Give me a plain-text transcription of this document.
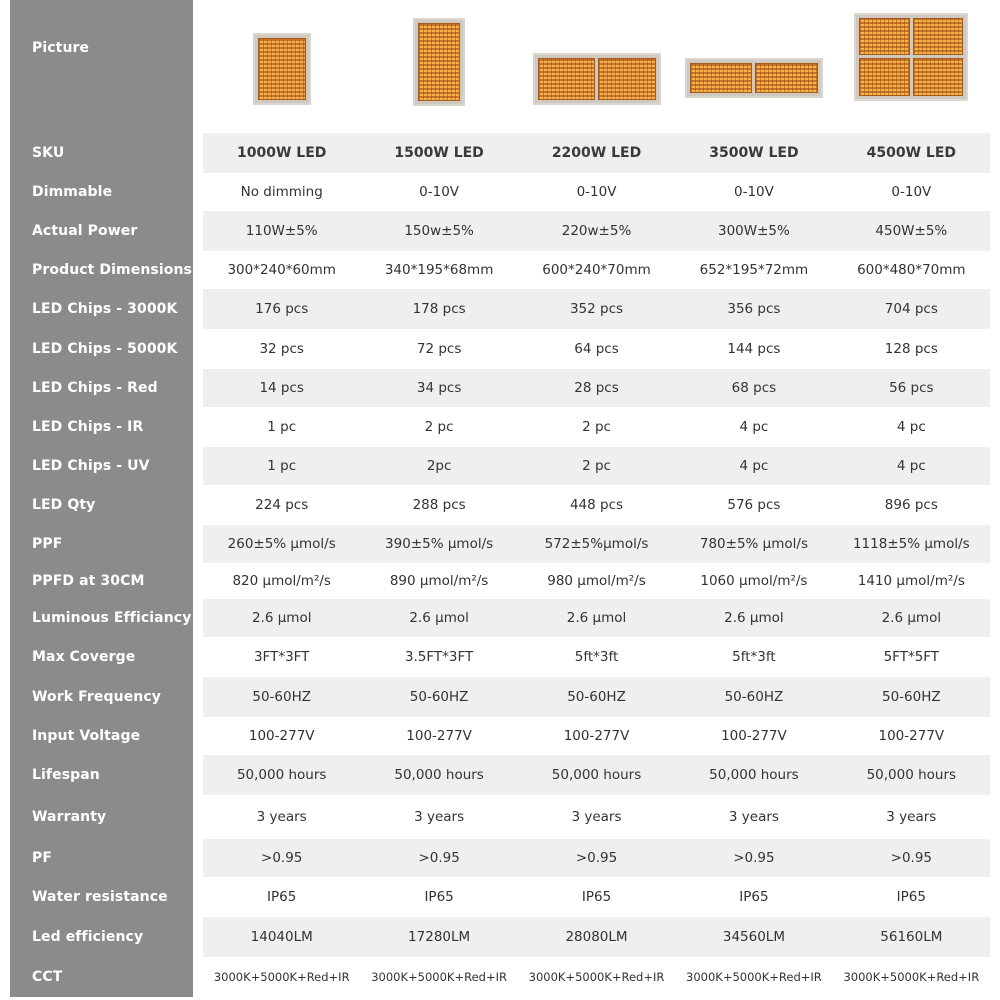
Picture
SKU	1000W LED	1500W LED	2200W LED	3500W LED	4500W LED
Dimmable	No dimming	0-10V	0-10V	0-10V	0-10V
Actual Power	110W±5%	150w±5%	220w±5%	300W±5%	450W±5%
Product Dimensions	300*240*60mm	340*195*68mm	600*240*70mm	652*195*72mm	600*480*70mm
LED Chips - 3000K	176 pcs	178 pcs	352 pcs	356 pcs	704 pcs
LED Chips - 5000K	32 pcs	72 pcs	64 pcs	144 pcs	128 pcs
LED Chips - Red	14 pcs	34 pcs	28 pcs	68 pcs	56 pcs
LED Chips - IR	1 pc	2 pc	2 pc	4 pc	4 pc
LED Chips - UV	1 pc	2pc	2 pc	4 pc	4 pc
LED Qty	224 pcs	288 pcs	448 pcs	576 pcs	896 pcs
PPF	260±5% μmol/s	390±5% μmol/s	572±5%μmol/s	780±5% μmol/s	1118±5% μmol/s
PPFD at 30CM	820 μmol/m²/s	890 μmol/m²/s	980 μmol/m²/s	1060 μmol/m²/s	1410 μmol/m²/s
Luminous Efficiancy	2.6 μmol	2.6 μmol	2.6 μmol	2.6 μmol	2.6 μmol
Max Coverge	3FT*3FT	3.5FT*3FT	5ft*3ft	5ft*3ft	5FT*5FT
Work Frequency	50-60HZ	50-60HZ	50-60HZ	50-60HZ	50-60HZ
Input Voltage	100-277V	100-277V	100-277V	100-277V	100-277V
Lifespan	50,000 hours	50,000 hours	50,000 hours	50,000 hours	50,000 hours
Warranty	3 years	3 years	3 years	3 years	3 years
PF	>0.95	>0.95	>0.95	>0.95	>0.95
Water resistance	IP65	IP65	IP65	IP65	IP65
Led efficiency	14040LM	17280LM	28080LM	34560LM	56160LM
CCT	3000K+5000K+Red+IR	3000K+5000K+Red+IR	3000K+5000K+Red+IR	3000K+5000K+Red+IR	3000K+5000K+Red+IR
